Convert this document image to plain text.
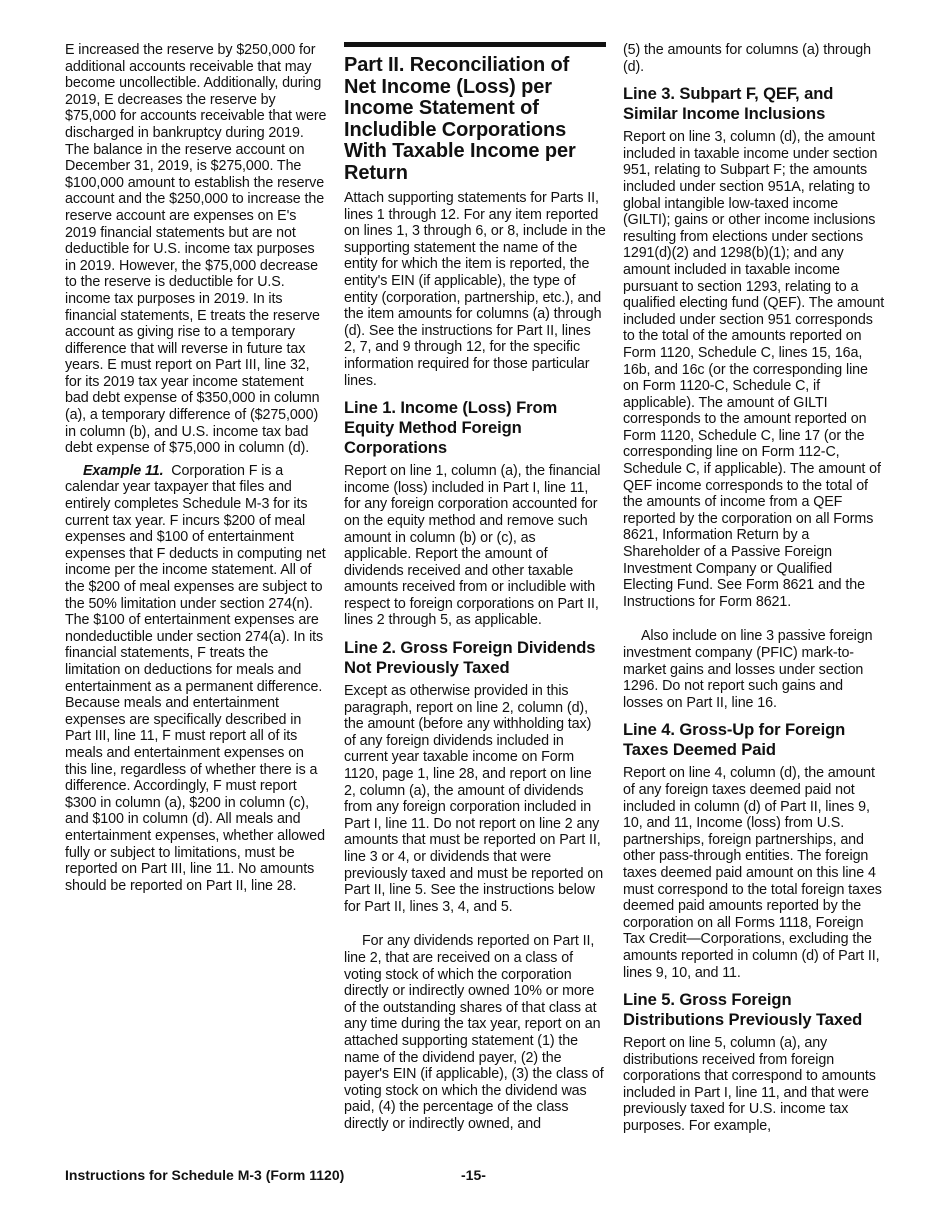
E increased the reserve by $250,000 for additional accounts receivable that may become uncollectible. Additionally, during 2019, E decreases the reserve by $75,000 for accounts receivable that were discharged in bankruptcy during 2019. The balance in the reserve account on December 31, 2019, is $275,000. The $100,000 amount to establish the reserve account and the $250,000 to increase the reserve account are expenses on E's 2019 financial statements but are not deductible for U.S. income tax purposes in 2019. However, the $75,000 decrease to the reserve is deductible for U.S. income tax purposes in 2019. In its financial statements, E treats the reserve account as giving rise to a temporary difference that will reverse in future tax years. E must report on Part III, line 32, for its 2019 tax year income statement bad debt expense of $350,000 in column (a), a temporary difference of ($275,000) in column (b), and U.S. income tax bad debt expense of $75,000 in column (d).

Example 11. Corporation F is a calendar year taxpayer that files and entirely completes Schedule M-3 for its current tax year. F incurs $200 of meal expenses and $100 of entertainment expenses that F deducts in computing net income per the income statement. All of the $200 of meal expenses are subject to the 50% limitation under section 274(n). The $100 of entertainment expenses are nondeductible under section 274(a). In its financial statements, F treats the limitation on deductions for meals and entertainment as a permanent difference. Because meals and entertainment expenses are specifically described in Part III, line 11, F must report all of its meals and entertainment expenses on this line, regardless of whether there is a difference. Accordingly, F must report $300 in column (a), $200 in column (c), and $100 in column (d). All meals and entertainment expenses, whether allowed fully or subject to limitations, must be reported on Part III, line 11. No amounts should be reported on Part II, line 28.

Part II. Reconciliation of Net Income (Loss) per Income Statement of Includible Corporations With Taxable Income per Return

Attach supporting statements for Parts II, lines 1 through 12. For any item reported on lines 1, 3 through 6, or 8, include in the supporting statement the name of the entity for which the item is reported, the entity's EIN (if applicable), the type of entity (corporation, partnership, etc.), and the item amounts for columns (a) through (d). See the instructions for Part II, lines 2, 7, and 9 through 12, for the specific information required for those particular lines.

Line 1. Income (Loss) From Equity Method Foreign Corporations

Report on line 1, column (a), the financial income (loss) included in Part I, line 11, for any foreign corporation accounted for on the equity method and remove such amount in column (b) or (c), as applicable. Report the amount of dividends received and other taxable amounts received from or includible with respect to foreign corporations on Part II, lines 2 through 5, as applicable.

Line 2. Gross Foreign Dividends Not Previously Taxed

Except as otherwise provided in this paragraph, report on line 2, column (d), the amount (before any withholding tax) of any foreign dividends included in current year taxable income on Form 1120, page 1, line 28, and report on line 2, column (a), the amount of dividends from any foreign corporation included in Part I, line 11. Do not report on line 2 any amounts that must be reported on Part II, line 3 or 4, or dividends that were previously taxed and must be reported on Part II, line 5. See the instructions below for Part II, lines 3, 4, and 5.

For any dividends reported on Part II, line 2, that are received on a class of voting stock of which the corporation directly or indirectly owned 10% or more of the outstanding shares of that class at any time during the tax year, report on an attached supporting statement (1) the name of the dividend payer, (2) the payer's EIN (if applicable), (3) the class of voting stock on which the dividend was paid, (4) the percentage of the class directly or indirectly owned, and

(5) the amounts for columns (a) through (d).

Line 3. Subpart F, QEF, and Similar Income Inclusions

Report on line 3, column (d), the amount included in taxable income under section 951, relating to Subpart F; the amounts included under section 951A, relating to global intangible low-taxed income (GILTI); gains or other income inclusions resulting from elections under sections 1291(d)(2) and 1298(b)(1); and any amount included in taxable income pursuant to section 1293, relating to a qualified electing fund (QEF). The amount included under section 951 corresponds to the total of the amounts reported on Form 1120, Schedule C, lines 15, 16a, 16b, and 16c (or the corresponding line on Form 1120-C, Schedule C, if applicable). The amount of GILTI corresponds to the amount reported on Form 1120, Schedule C, line 17 (or the corresponding line on Form 112-C, Schedule C, if applicable). The amount of QEF income corresponds to the total of the amounts of income from a QEF reported by the corporation on all Forms 8621, Information Return by a Shareholder of a Passive Foreign Investment Company or Qualified Electing Fund. See Form 8621 and the Instructions for Form 8621.

Also include on line 3 passive foreign investment company (PFIC) mark-to-market gains and losses under section 1296. Do not report such gains and losses on Part II, line 16.

Line 4. Gross-Up for Foreign Taxes Deemed Paid

Report on line 4, column (d), the amount of any foreign taxes deemed paid not included in column (d) of Part II, lines 9, 10, and 11, Income (loss) from U.S. partnerships, foreign partnerships, and other pass-through entities. The foreign taxes deemed paid amount on this line 4 must correspond to the total foreign taxes deemed paid amounts reported by the corporation on all Forms 1118, Foreign Tax Credit—Corporations, excluding the amounts reported in column (d) of Part II, lines 9, 10, and 11.

Line 5. Gross Foreign Distributions Previously Taxed

Report on line 5, column (a), any distributions received from foreign corporations that correspond to amounts included in Part I, line 11, and that were previously taxed for U.S. income tax purposes. For example,

Instructions for Schedule M-3 (Form 1120)	-15-
